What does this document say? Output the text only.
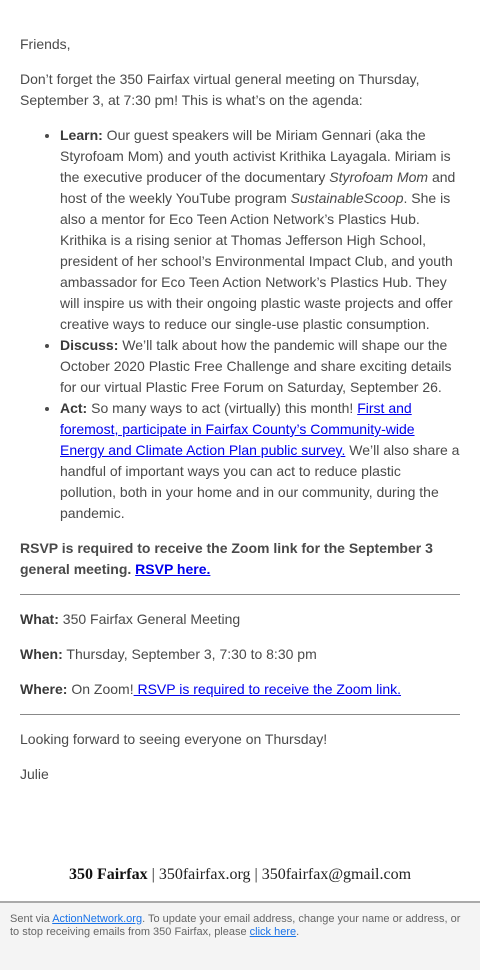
Friends,

Don’t forget the 350 Fairfax virtual general meeting on Thursday, September 3, at 7:30 pm! This is what’s on the agenda:

• Learn: Our guest speakers will be Miriam Gennari (aka the Styrofoam Mom) and youth activist Krithika Layagala. Miriam is the executive producer of the documentary Styrofoam Mom and host of the weekly YouTube program SustainableScoop. She is also a mentor for Eco Teen Action Network’s Plastics Hub. Krithika is a rising senior at Thomas Jefferson High School, president of her school’s Environmental Impact Club, and youth ambassador for Eco Teen Action Network’s Plastics Hub. They will inspire us with their ongoing plastic waste projects and offer creative ways to reduce our single-use plastic consumption.
• Discuss: We’ll talk about how the pandemic will shape our the October 2020 Plastic Free Challenge and share exciting details for our virtual Plastic Free Forum on Saturday, September 26.
• Act: So many ways to act (virtually) this month! First and foremost, participate in Fairfax County’s Community-wide Energy and Climate Action Plan public survey. We’ll also share a handful of important ways you can act to reduce plastic pollution, both in your home and in our community, during the pandemic.

RSVP is required to receive the Zoom link for the September 3 general meeting. RSVP here.

What: 350 Fairfax General Meeting

When: Thursday, September 3, 7:30 to 8:30 pm

Where: On Zoom! RSVP is required to receive the Zoom link.

Looking forward to seeing everyone on Thursday!

Julie

350 Fairfax | 350fairfax.org | 350fairfax@gmail.com
Sent via ActionNetwork.org. To update your email address, change your name or address, or to stop receiving emails from 350 Fairfax, please click here.
